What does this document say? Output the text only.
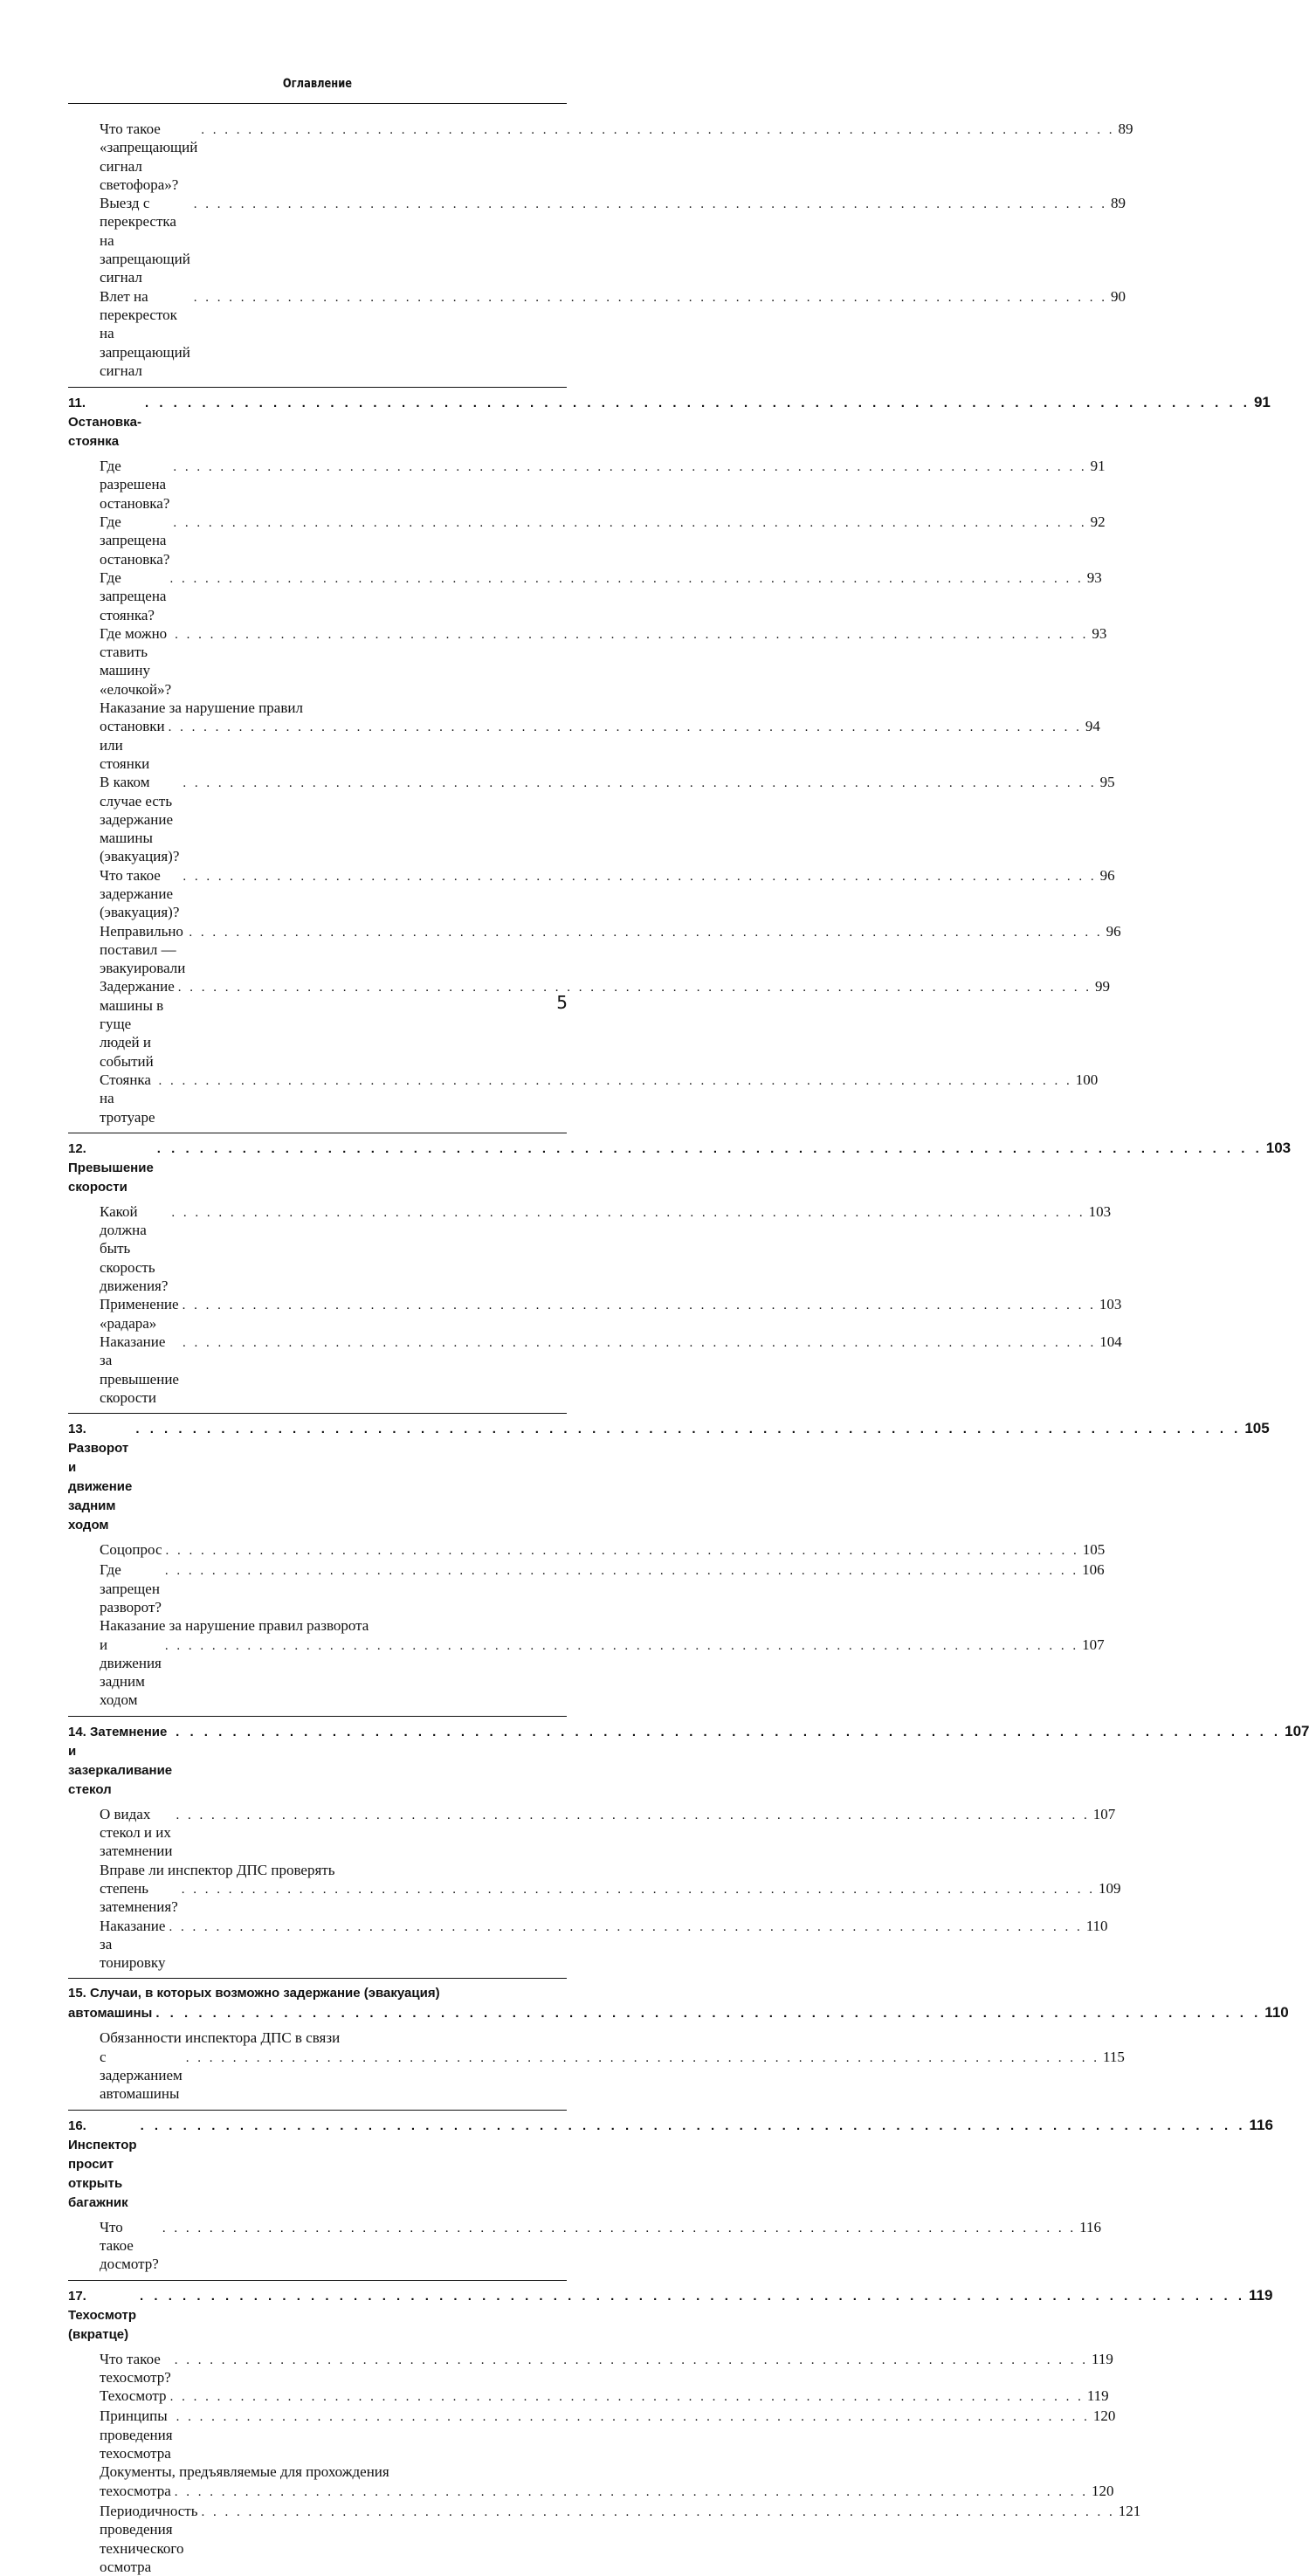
Оглавление
Что такое «запрещающий сигнал светофора»?
. . . . . . . . . . . . . . . . . . . . . . . . . . . . . . . . . . . . . . . . . . . . . . . . . . . . . . . . . . . . . . . . . . . . . . . . . . . . . . 89
Выезд с перекрестка на запрещающий сигнал
. . . . . . . . . . . . . . . . . . . . . . . . . . . . . . . . . . . . . . . . . . . . . . . . . . . . . . . . . . . . . . . . . . . . . . . . . . . . . . 89
Влет на перекресток на запрещающий сигнал
. . . . . . . . . . . . . . . . . . . . . . . . . . . . . . . . . . . . . . . . . . . . . . . . . . . . . . . . . . . . . . . . . . . . . . . . . . . . . . 90
11. Остановка-стоянка
. . . . . . . . . . . . . . . . . . . . . . . . . . . . . . . . . . . . . . . . . . . . . . . . . . . . . . . . . . . . . . . . . . . . . . . . . . . . . . 91
Где разрешена остановка?
. . . . . . . . . . . . . . . . . . . . . . . . . . . . . . . . . . . . . . . . . . . . . . . . . . . . . . . . . . . . . . . . . . . . . . . . . . . . . . 91
Где запрещена остановка?
. . . . . . . . . . . . . . . . . . . . . . . . . . . . . . . . . . . . . . . . . . . . . . . . . . . . . . . . . . . . . . . . . . . . . . . . . . . . . . 92
Где запрещена стоянка?
. . . . . . . . . . . . . . . . . . . . . . . . . . . . . . . . . . . . . . . . . . . . . . . . . . . . . . . . . . . . . . . . . . . . . . . . . . . . . . 93
Где можно ставить машину «елочкой»?
. . . . . . . . . . . . . . . . . . . . . . . . . . . . . . . . . . . . . . . . . . . . . . . . . . . . . . . . . . . . . . . . . . . . . . . . . . . . . . 93
Наказание за нарушение правил
остановки или стоянки
. . . . . . . . . . . . . . . . . . . . . . . . . . . . . . . . . . . . . . . . . . . . . . . . . . . . . . . . . . . . . . . . . . . . . . . . . . . . . . 94
В каком случае есть задержание машины (эвакуация)?
. . . . . . . . . . . . . . . . . . . . . . . . . . . . . . . . . . . . . . . . . . . . . . . . . . . . . . . . . . . . . . . . . . . . . . . . . . . . . . 95
Что такое задержание (эвакуация)?
. . . . . . . . . . . . . . . . . . . . . . . . . . . . . . . . . . . . . . . . . . . . . . . . . . . . . . . . . . . . . . . . . . . . . . . . . . . . . . 96
Неправильно поставил — эвакуировали
. . . . . . . . . . . . . . . . . . . . . . . . . . . . . . . . . . . . . . . . . . . . . . . . . . . . . . . . . . . . . . . . . . . . . . . . . . . . . . 96
Задержание машины в гуще людей и событий
. . . . . . . . . . . . . . . . . . . . . . . . . . . . . . . . . . . . . . . . . . . . . . . . . . . . . . . . . . . . . . . . . . . . . . . . . . . . . . 99
Стоянка на тротуаре
. . . . . . . . . . . . . . . . . . . . . . . . . . . . . . . . . . . . . . . . . . . . . . . . . . . . . . . . . . . . . . . . . . . . . . . . . . . . . . 100
12. Превышение скорости
. . . . . . . . . . . . . . . . . . . . . . . . . . . . . . . . . . . . . . . . . . . . . . . . . . . . . . . . . . . . . . . . . . . . . . . . . . . . . . 103
Какой должна быть скорость движения?
. . . . . . . . . . . . . . . . . . . . . . . . . . . . . . . . . . . . . . . . . . . . . . . . . . . . . . . . . . . . . . . . . . . . . . . . . . . . . . 103
Применение «радара»
. . . . . . . . . . . . . . . . . . . . . . . . . . . . . . . . . . . . . . . . . . . . . . . . . . . . . . . . . . . . . . . . . . . . . . . . . . . . . . 103
Наказание за превышение скорости
. . . . . . . . . . . . . . . . . . . . . . . . . . . . . . . . . . . . . . . . . . . . . . . . . . . . . . . . . . . . . . . . . . . . . . . . . . . . . . 104
13. Разворот и движение задним ходом
. . . . . . . . . . . . . . . . . . . . . . . . . . . . . . . . . . . . . . . . . . . . . . . . . . . . . . . . . . . . . . . . . . . . . . . . . . . . . . 105
Соцопрос . . . . . . . . . . . . . . . . . . . . . . . . . . . . . . . . . . . . . . . . . . . . . . . . . . . . . . . . . . . . . . . . . . . . . . . . . . . . . . 105
Где запрещен разворот?
. . . . . . . . . . . . . . . . . . . . . . . . . . . . . . . . . . . . . . . . . . . . . . . . . . . . . . . . . . . . . . . . . . . . . . . . . . . . . . 106
Наказание за нарушение правил разворота
и движения задним ходом
. . . . . . . . . . . . . . . . . . . . . . . . . . . . . . . . . . . . . . . . . . . . . . . . . . . . . . . . . . . . . . . . . . . . . . . . . . . . . . 107
14. Затемнение и зазеркаливание стекол
. . . . . . . . . . . . . . . . . . . . . . . . . . . . . . . . . . . . . . . . . . . . . . . . . . . . . . . . . . . . . . . . . . . . . . . . . . . . . . 107
О видах стекол и их затемнении
. . . . . . . . . . . . . . . . . . . . . . . . . . . . . . . . . . . . . . . . . . . . . . . . . . . . . . . . . . . . . . . . . . . . . . . . . . . . . . 107
Вправе ли инспектор ДПС проверять
степень затемнения?
. . . . . . . . . . . . . . . . . . . . . . . . . . . . . . . . . . . . . . . . . . . . . . . . . . . . . . . . . . . . . . . . . . . . . . . . . . . . . . 109
Наказание за тонировку
. . . . . . . . . . . . . . . . . . . . . . . . . . . . . . . . . . . . . . . . . . . . . . . . . . . . . . . . . . . . . . . . . . . . . . . . . . . . . . 110
15. Случаи, в которых возможно задержание (эвакуация)
автомашины . . . . . . . . . . . . . . . . . . . . . . . . . . . . . . . . . . . . . . . . . . . . . . . . . . . . . . . . . . . . . . . . . . . . . . . . . . . . . . 110
Обязанности инспектора ДПС в связи
с задержанием автомашины
. . . . . . . . . . . . . . . . . . . . . . . . . . . . . . . . . . . . . . . . . . . . . . . . . . . . . . . . . . . . . . . . . . . . . . . . . . . . . . 115
16. Инспектор просит открыть багажник
. . . . . . . . . . . . . . . . . . . . . . . . . . . . . . . . . . . . . . . . . . . . . . . . . . . . . . . . . . . . . . . . . . . . . . . . . . . . . . 116
Что такое досмотр?
. . . . . . . . . . . . . . . . . . . . . . . . . . . . . . . . . . . . . . . . . . . . . . . . . . . . . . . . . . . . . . . . . . . . . . . . . . . . . . 116
17. Техосмотр (вкратце)
. . . . . . . . . . . . . . . . . . . . . . . . . . . . . . . . . . . . . . . . . . . . . . . . . . . . . . . . . . . . . . . . . . . . . . . . . . . . . . 119
Что такое техосмотр?
. . . . . . . . . . . . . . . . . . . . . . . . . . . . . . . . . . . . . . . . . . . . . . . . . . . . . . . . . . . . . . . . . . . . . . . . . . . . . . 119
Техосмотр . . . . . . . . . . . . . . . . . . . . . . . . . . . . . . . . . . . . . . . . . . . . . . . . . . . . . . . . . . . . . . . . . . . . . . . . . . . . . . 119
Принципы проведения техосмотра
. . . . . . . . . . . . . . . . . . . . . . . . . . . . . . . . . . . . . . . . . . . . . . . . . . . . . . . . . . . . . . . . . . . . . . . . . . . . . . 120
Документы, предъявляемые для прохождения
техосмотра . . . . . . . . . . . . . . . . . . . . . . . . . . . . . . . . . . . . . . . . . . . . . . . . . . . . . . . . . . . . . . . . . . . . . . . . . . . . . . 120
Периодичность проведения технического осмотра
. . . . . . . . . . . . . . . . . . . . . . . . . . . . . . . . . . . . . . . . . . . . . . . . . . . . . . . . . . . . . . . . . . . . . . . . . . . . . . 121
5
